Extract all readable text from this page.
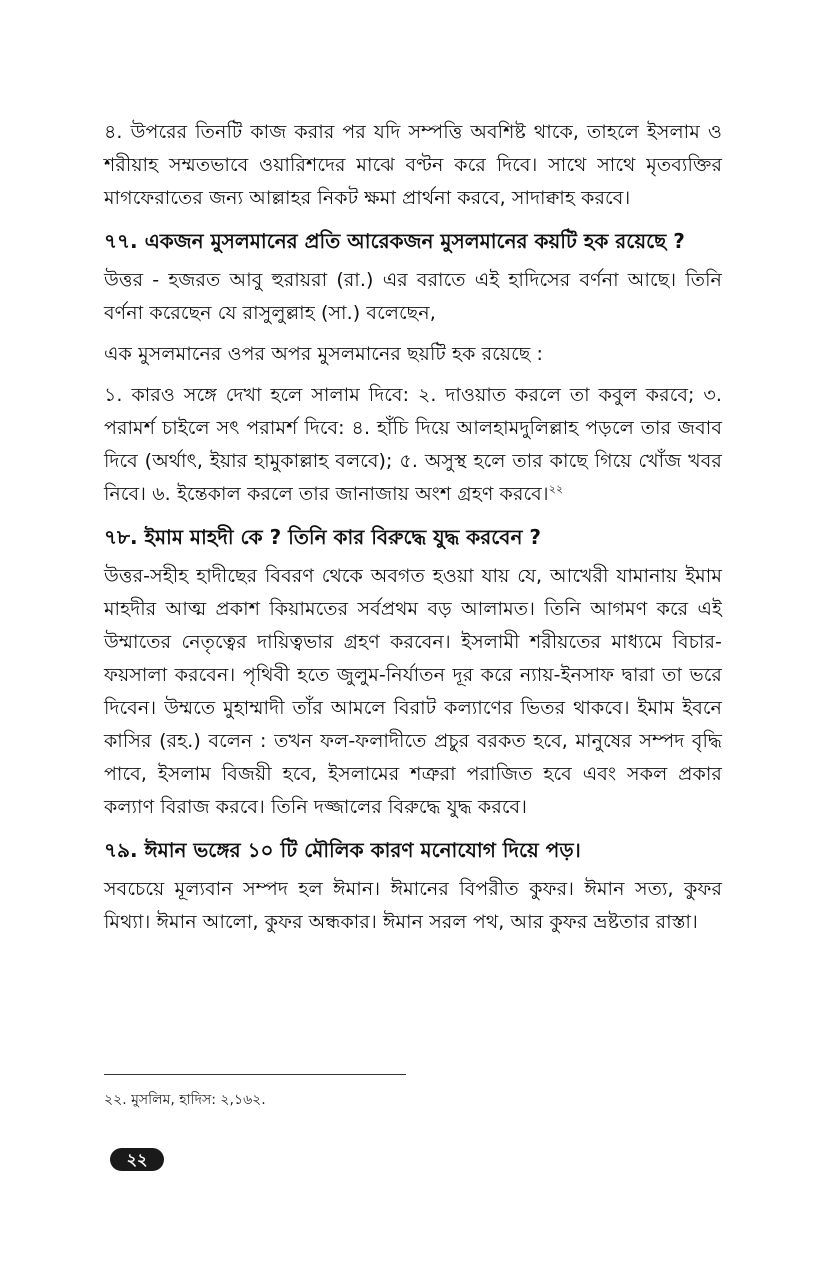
৪. উপরের তিনটি কাজ করার পর যদি সম্পত্তি অবশিষ্ট থাকে, তাহলে ইসলাম ও শরীয়াহ সম্মতভাবে ওয়ারিশদের মাঝে বণ্টন করে দিবে। সাথে সাথে মৃতব্যক্তির মাগফেরাতের জন্য আল্লাহর নিকট ক্ষমা প্রার্থনা করবে, সাদাক্বাহ করবে।

৭৭. একজন মুসলমানের প্রতি আরেকজন মুসলমানের কয়টি হক রয়েছে ?

উত্তর - হজরত আবু হুরায়রা (রা.) এর বরাতে এই হাদিসের বর্ণনা আছে। তিনি বর্ণনা করেছেন যে রাসুলুল্লাহ (সা.) বলেছেন,

এক মুসলমানের ওপর অপর মুসলমানের ছয়টি হক রয়েছে :

১. কারও সঙ্গে দেখা হলে সালাম দিবে: ২. দাওয়াত করলে তা কবুল করবে; ৩. পরামর্শ চাইলে সৎ পরামর্শ দিবে: ৪. হাঁচি দিয়ে আলহামদুলিল্লাহ পড়লে তার জবাব দিবে (অর্থাৎ, ইয়ার হামুকাল্লাহ বলবে); ৫. অসুস্থ হলে তার কাছে গিয়ে খোঁজ খবর নিবে। ৬. ইন্তেকাল করলে তার জানাজায় অংশ গ্রহণ করবে।$^{২২}$

৭৮. ইমাম মাহদী কে ? তিনি কার বিরুদ্ধে যুদ্ধ করবেন ?

উত্তর-সহীহ হাদীছের বিবরণ থেকে অবগত হওয়া যায় যে, আখেরী যামানায় ইমাম মাহদীর আত্ম প্রকাশ কিয়ামতের সর্বপ্রথম বড় আলামত। তিনি আগমণ করে এই উম্মাতের নেতৃত্বের দায়িত্বভার গ্রহণ করবেন। ইসলামী শরীয়তের মাধ্যমে বিচার-ফয়সালা করবেন। পৃথিবী হতে জুলুম-নির্যাতন দূর করে ন্যায়-ইনসাফ দ্বারা তা ভরে দিবেন। উম্মতে মুহাম্মাদী তাঁর আমলে বিরাট কল্যাণের ভিতর থাকবে। ইমাম ইবনে কাসির (রহ.) বলেন : তখন ফল-ফলাদীতে প্রচুর বরকত হবে, মানুষের সম্পদ বৃদ্ধি পাবে, ইসলাম বিজয়ী হবে, ইসলামের শত্রুরা পরাজিত হবে এবং সকল প্রকার কল্যাণ বিরাজ করবে। তিনি দজ্জালের বিরুদ্ধে যুদ্ধ করবে।

৭৯. ঈমান ভঙ্গের ১০ টি মৌলিক কারণ মনোযোগ দিয়ে পড়।

সবচেয়ে মূল্যবান সম্পদ হল ঈমান। ঈমানের বিপরীত কুফর। ঈমান সত্য, কুফর মিথ্যা। ঈমান আলো, কুফর অন্ধকার। ঈমান সরল পথ, আর কুফর ভ্রষ্টতার রাস্তা।

২২. মুসলিম, হাদিস: ২,১৬২.
২২
